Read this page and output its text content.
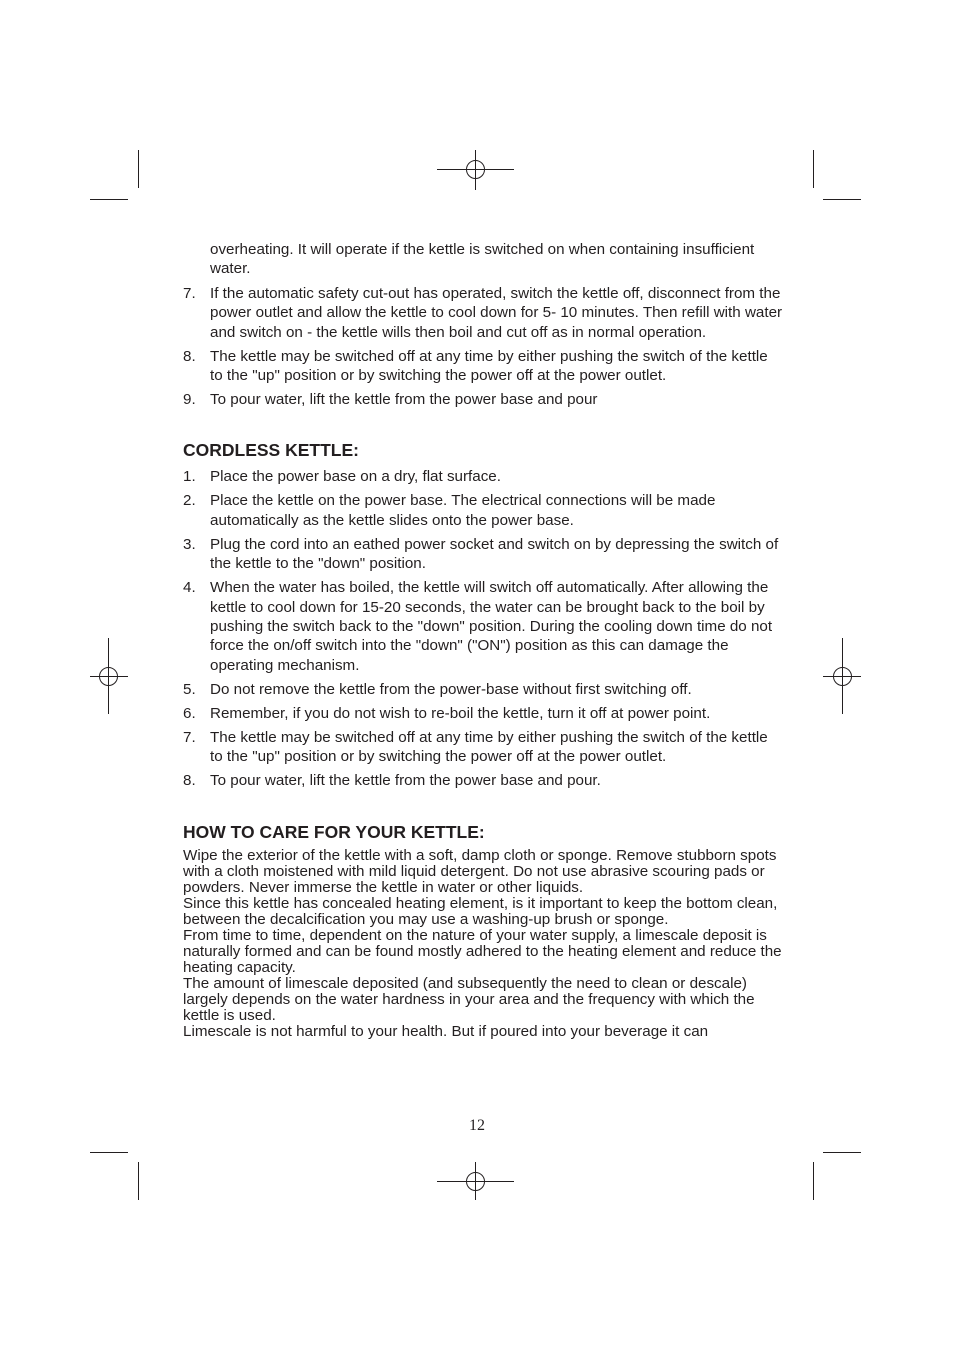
overheating. It will operate if the kettle is switched on when containing insufficient water.

7. If the automatic safety cut-out has operated, switch the kettle off, disconnect from the power outlet and allow the kettle to cool down for 5- 10 minutes. Then refill with water and switch on - the kettle wills then boil and cut off as in normal operation.
8. The kettle may be switched off at any time by either pushing the switch of the kettle to the "up" position or by switching the power off at the power outlet.
9. To pour water, lift the kettle from the power base and pour
CORDLESS KETTLE:
1. Place the power base on a dry, flat surface.
2. Place the kettle on the power base. The electrical connections will be made automatically as the kettle slides onto the power base.
3. Plug the cord into an eathed power socket and switch on by depressing the switch of the kettle to the "down" position.
4. When the water has boiled, the kettle will switch off automatically. After allowing the kettle to cool down for 15-20 seconds, the water can be brought back to the boil by pushing the switch back to the "down" position. During the cooling down time do not force the on/off switch into the "down" ("ON") position as this can damage the operating mechanism.
5. Do not remove the kettle from the power-base without first switching off.
6. Remember, if you do not wish to re-boil the kettle, turn it off at power point.
7. The kettle may be switched off at any time by either pushing the switch of the kettle to the "up" position or by switching the power off at the power outlet.
8. To pour water, lift the kettle from the power base and pour.
HOW TO CARE FOR YOUR KETTLE:

Wipe the exterior of the kettle with a soft, damp cloth or sponge. Remove stubborn spots with a cloth moistened with mild liquid detergent. Do not use abrasive scouring pads or powders. Never immerse the kettle in water or other liquids.

Since this kettle has concealed heating element, is it important to keep the bottom clean, between the decalcification you may use a washing-up brush or sponge.

From time to time, dependent on the nature of your water supply, a limescale deposit is naturally formed and can be found mostly adhered to the heating element and reduce the heating capacity.

The amount of limescale deposited (and subsequently the need to clean or descale) largely depends on the water hardness in your area and the frequency with which the kettle is used.

Limescale is not harmful to your health. But if poured into your beverage it can

12
